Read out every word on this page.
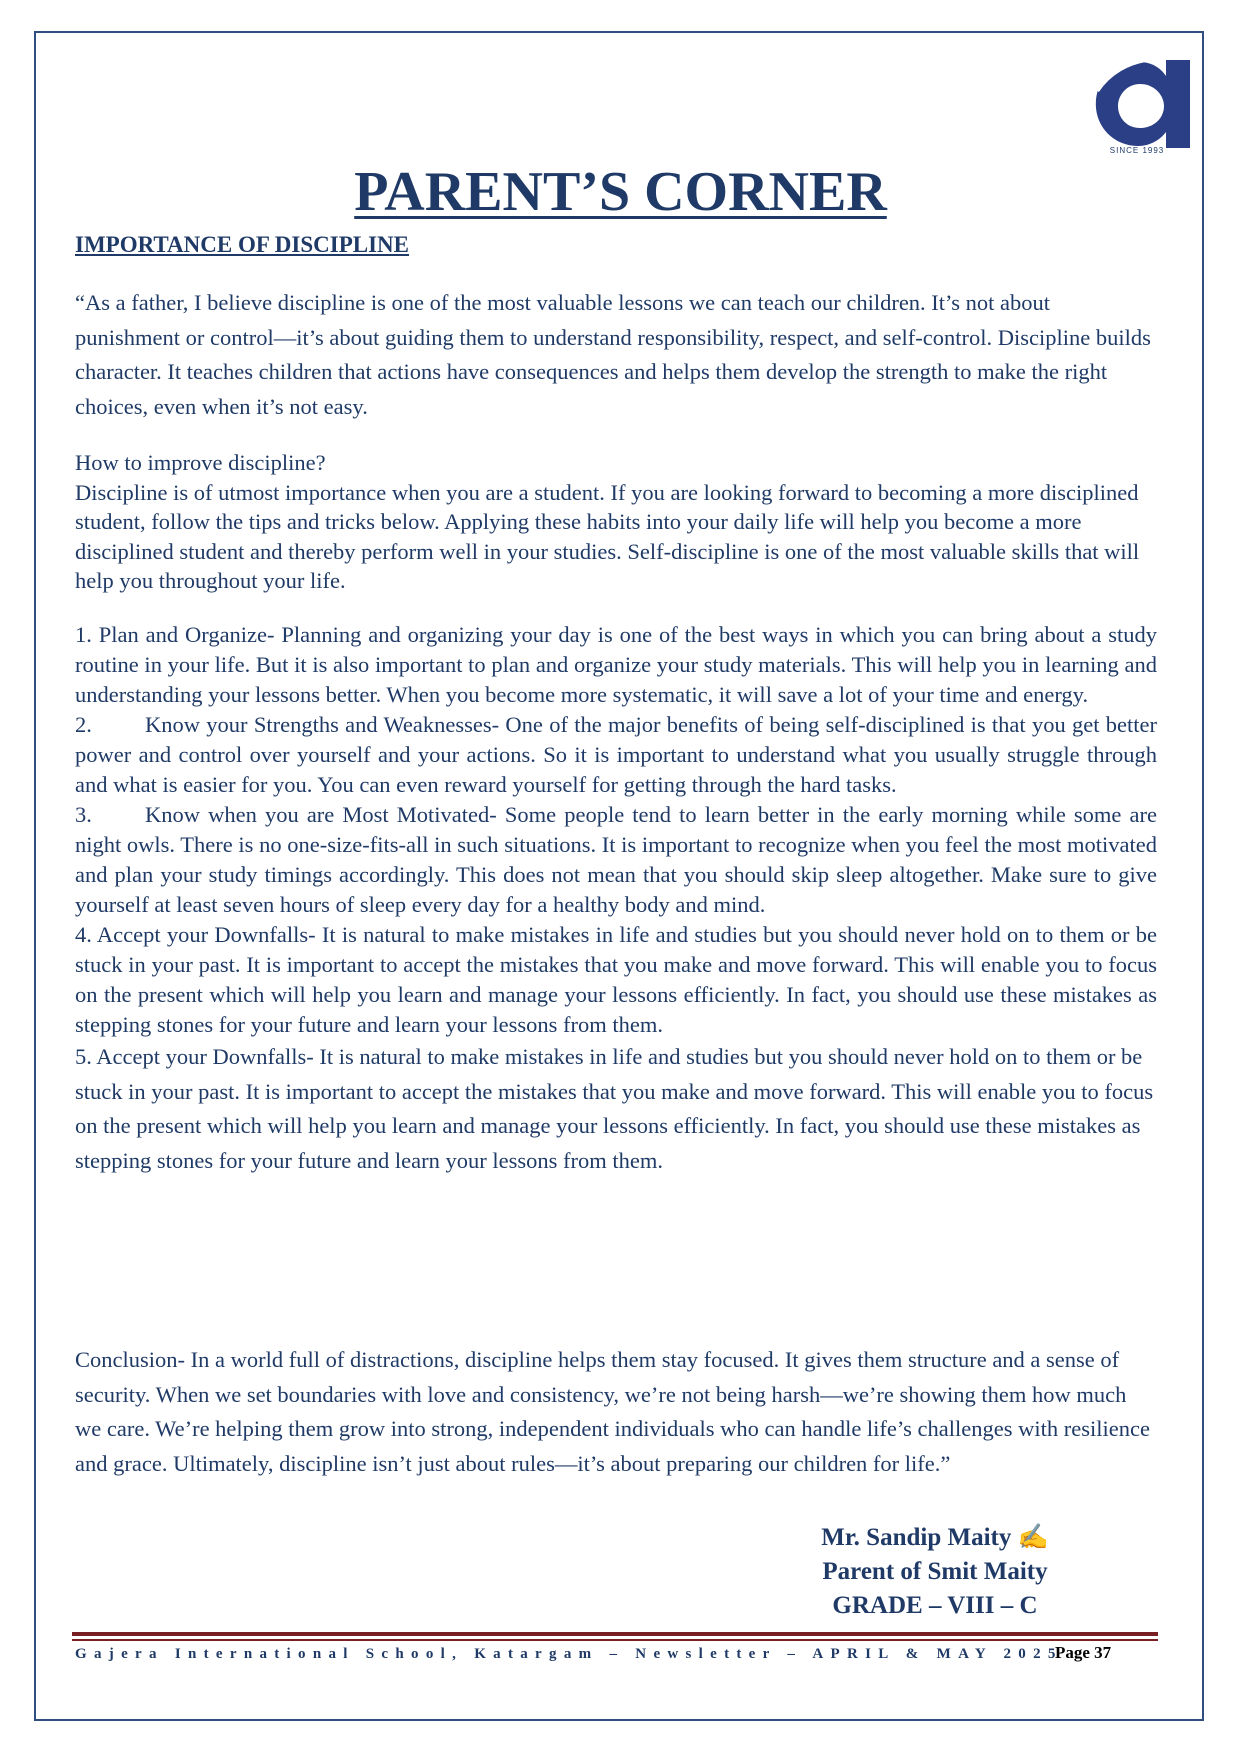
SINCE 1993
PARENT’S CORNER
IMPORTANCE OF DISCIPLINE

“As a father, I believe discipline is one of the most valuable lessons we can teach our children. It’s not about punishment or control—it’s about guiding them to understand responsibility, respect, and self-control. Discipline builds character. It teaches children that actions have consequences and helps them develop the strength to make the right choices, even when it’s not easy.

How to improve discipline?
Discipline is of utmost importance when you are a student. If you are looking forward to becoming a more disciplined student, follow the tips and tricks below. Applying these habits into your daily life will help you become a more disciplined student and thereby perform well in your studies. Self-discipline is one of the most valuable skills that will help you throughout your life.

1. Plan and Organize- Planning and organizing your day is one of the best ways in which you can bring about a study routine in your life. But it is also important to plan and organize your study materials. This will help you in learning and understanding your lessons better. When you become more systematic, it will save a lot of your time and energy.
2. Know your Strengths and Weaknesses- One of the major benefits of being self-disciplined is that you get better power and control over yourself and your actions. So it is important to understand what you usually struggle through and what is easier for you. You can even reward yourself for getting through the hard tasks.
3. Know when you are Most Motivated- Some people tend to learn better in the early morning while some are night owls. There is no one-size-fits-all in such situations. It is important to recognize when you feel the most motivated and plan your study timings accordingly. This does not mean that you should skip sleep altogether. Make sure to give yourself at least seven hours of sleep every day for a healthy body and mind.
4. Accept your Downfalls- It is natural to make mistakes in life and studies but you should never hold on to them or be stuck in your past. It is important to accept the mistakes that you make and move forward. This will enable you to focus on the present which will help you learn and manage your lessons efficiently. In fact, you should use these mistakes as stepping stones for your future and learn your lessons from them.
5. Accept your Downfalls- It is natural to make mistakes in life and studies but you should never hold on to them or be stuck in your past. It is important to accept the mistakes that you make and move forward. This will enable you to focus on the present which will help you learn and manage your lessons efficiently. In fact, you should use these mistakes as stepping stones for your future and learn your lessons from them.

Conclusion- In a world full of distractions, discipline helps them stay focused. It gives them structure and a sense of security. When we set boundaries with love and consistency, we’re not being harsh—we’re showing them how much we care. We’re helping them grow into strong, independent individuals who can handle life’s challenges with resilience and grace. Ultimately, discipline isn’t just about rules—it’s about preparing our children for life.”

Mr. Sandip Maity ✍

Parent of Smit Maity

GRADE – VIII – C

Gajera International School, Katargam – Newsletter – APRIL & MAY 2025
Page 37
